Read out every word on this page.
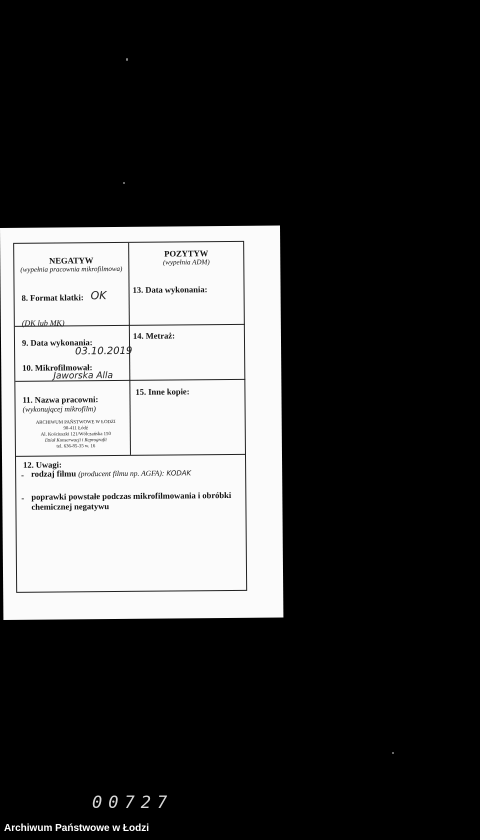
NEGATYW
(wypełnia pracownia mikrofilmowa)
POZYTYW
(wypełnia ADM)
8. Format klatki: OK
(DK lub MK)
13. Data wykonania:
9. Data wykonania:
03.10.2019
10. Mikrofilmował:
Jaworska Alla
14. Metraż:
11. Nazwa pracowni:
(wykonującej mikrofilm)
ARCHIWUM PAŃSTWOWE W ŁODZI
90-411 Łódź
Al. Kościuszki 121/Wólczańska 150
Dział Konserwacji i Reprografii
tel. 636-85-35 w. 16
15. Inne kopie:
12. Uwagi:
- rodzaj filmu (producent filmu np. AGFA): KODAK
- poprawki powstałe podczas mikrofilmowania i obróbki
chemicznej negatywu
00727
Archiwum Państwowe w Łodzi
